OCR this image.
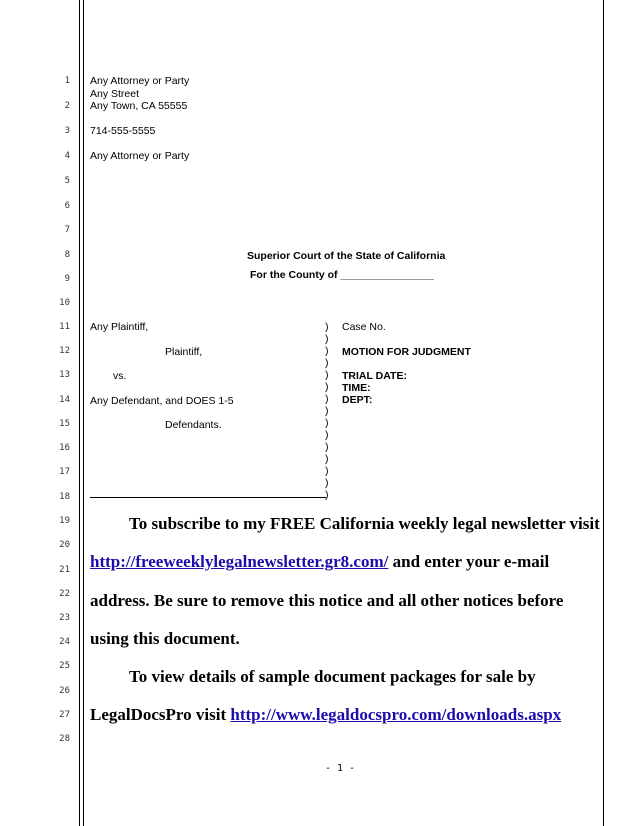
1
2
3
4
5
6
7
8
9
10
11
12
13
14
15
16
17
18
19
20
21
22
23
24
25
26
27
28
Any Attorney or Party
Any Street
Any Town, CA 55555
714-555-5555
Any Attorney or Party
Superior Court of the State of California
For the County of ________________
Any Plaintiff,
Plaintiff,
vs.
Any Defendant, and DOES 1-5
Defendants.
)
)
)
)
)
)
)
)
)
)
)
)
)
)
)
Case No.
MOTION FOR JUDGMENT
TRIAL DATE:
TIME:
DEPT:
To subscribe to my FREE California weekly legal newsletter visit
http://freeweeklylegalnewsletter.gr8.com/ and enter your e-mail
address. Be sure to remove this notice and all other notices before
using this document.
To view details of sample document packages for sale by
LegalDocsPro visit http://www.legaldocspro.com/downloads.aspx
- 1 -
